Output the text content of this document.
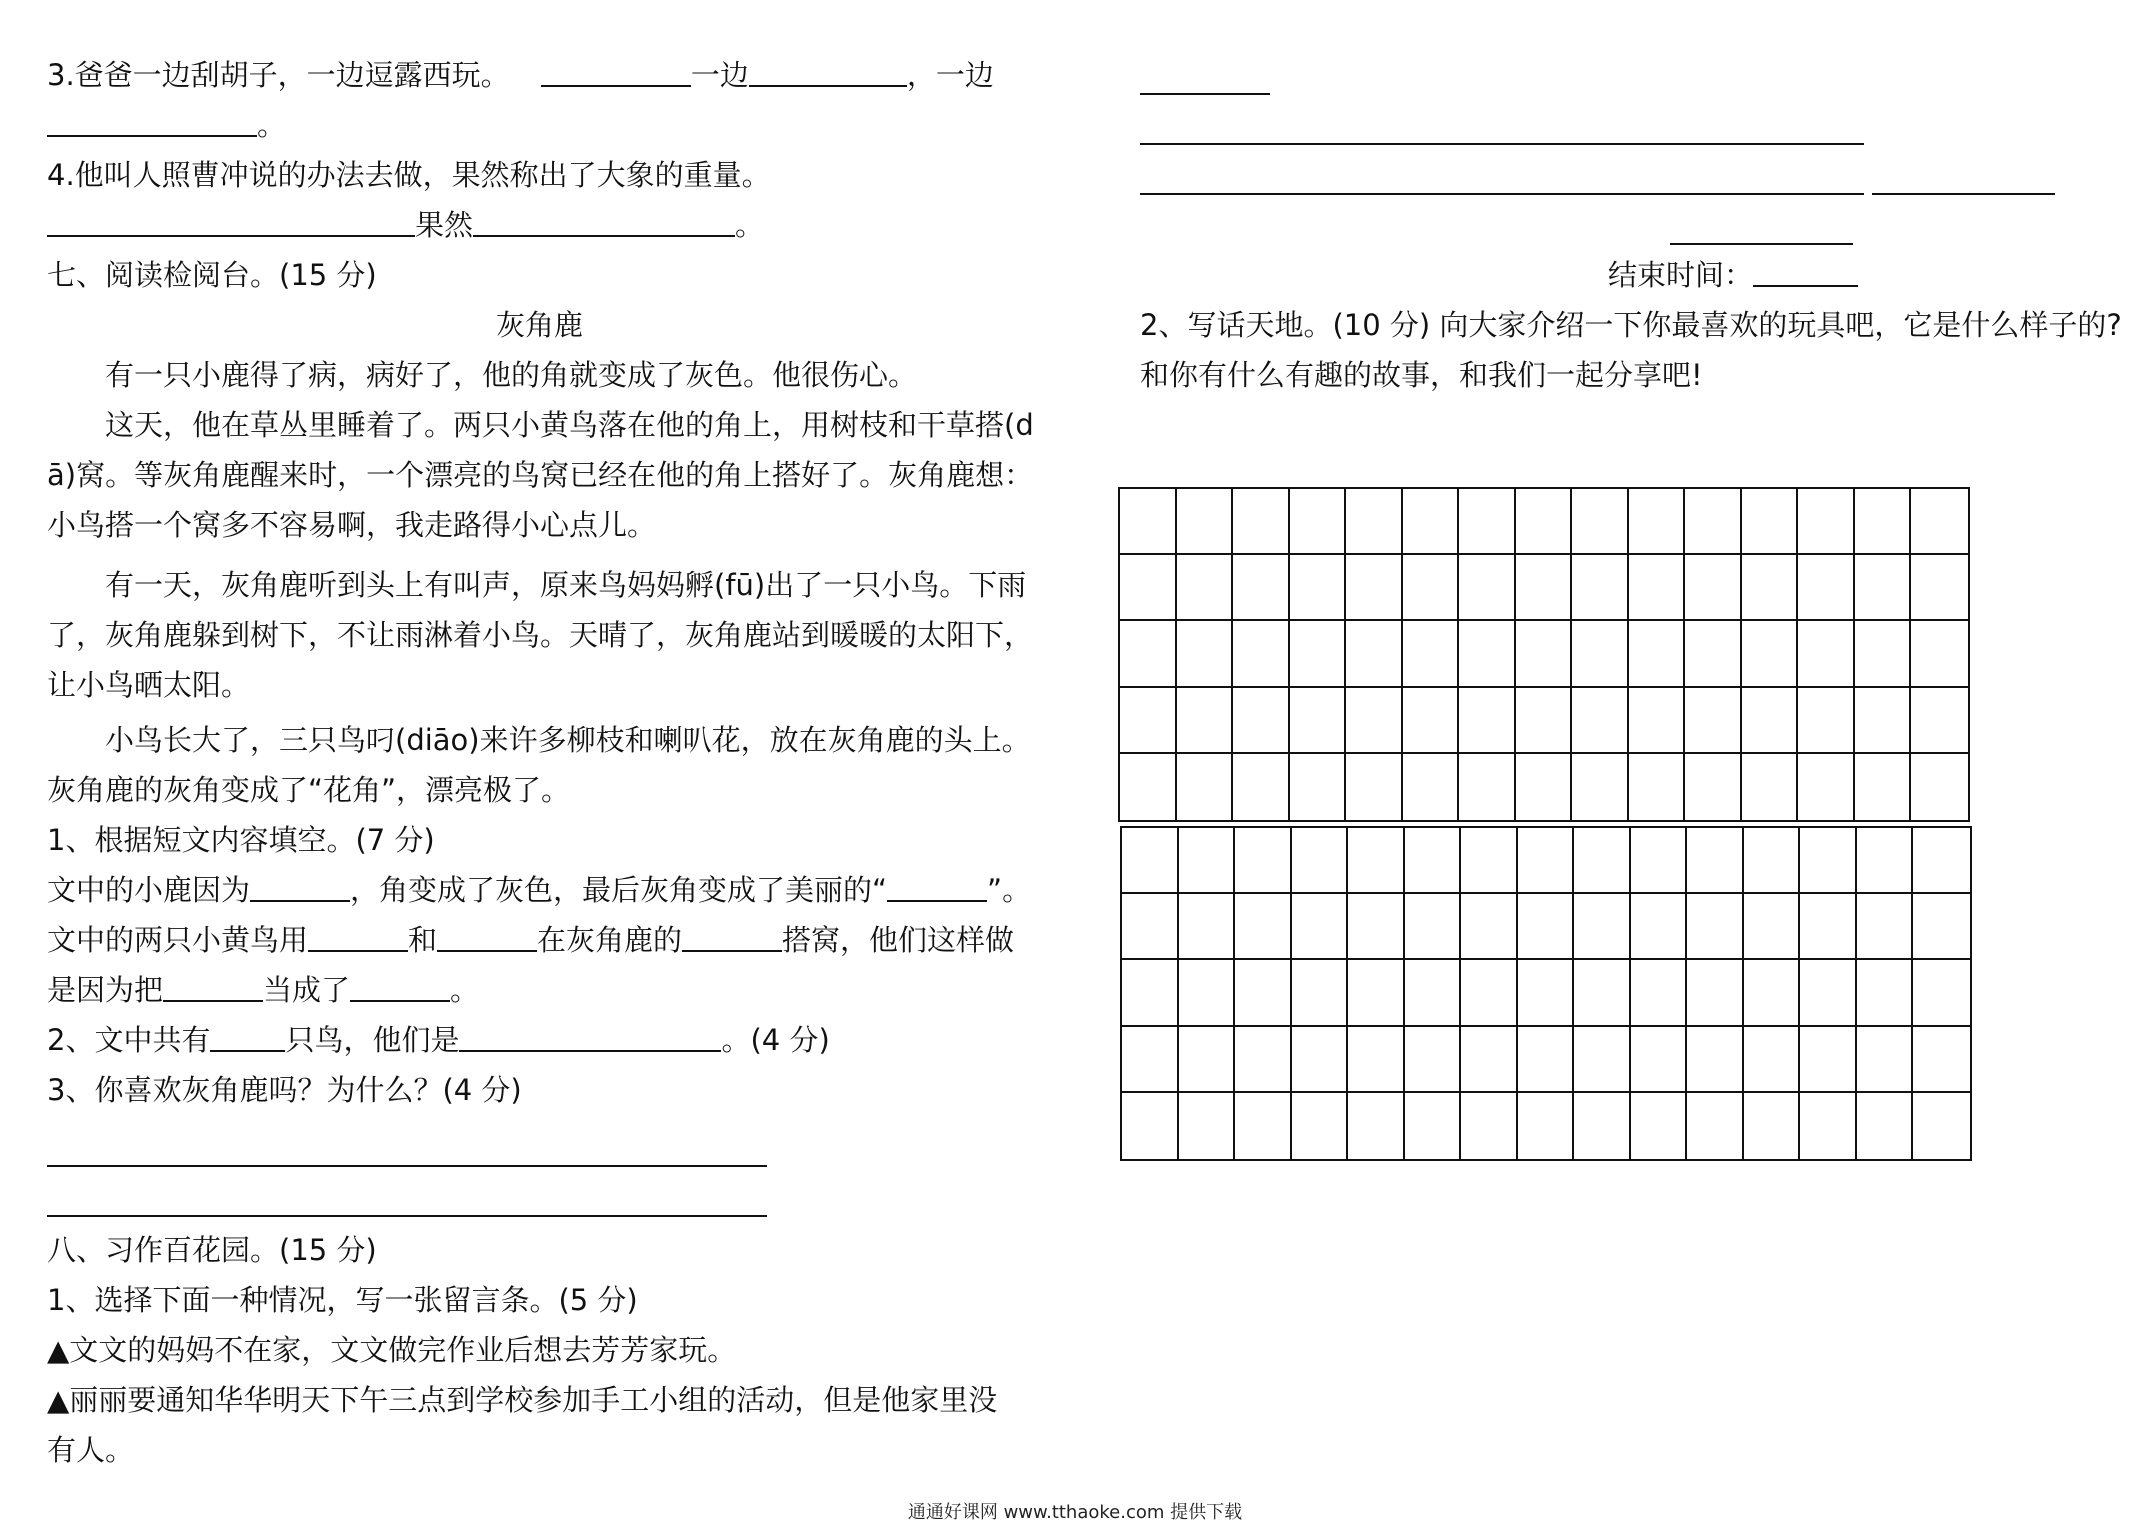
3.爸爸一边刮胡子，一边逗露西玩。	一边	，一边
。
4.他叫人照曹冲说的办法去做，果然称出了大象的重量。
果然	。
七、阅读检阅台。(15 分)
灰角鹿
有一只小鹿得了病，病好了，他的角就变成了灰色。他很伤心。
这天，他在草丛里睡着了。两只小黄鸟落在他的角上，用树枝和干草搭(d
ā)窝。等灰角鹿醒来时，一个漂亮的鸟窝已经在他的角上搭好了。灰角鹿想：
小鸟搭一个窝多不容易啊，我走路得小心点儿。
有一天，灰角鹿听到头上有叫声，原来鸟妈妈孵(fū)出了一只小鸟。下雨
了，灰角鹿躲到树下，不让雨淋着小鸟。天晴了，灰角鹿站到暖暖的太阳下，
让小鸟晒太阳。
小鸟长大了，三只鸟叼(diāo)来许多柳枝和喇叭花，放在灰角鹿的头上。
灰角鹿的灰角变成了“花角”，漂亮极了。
1、根据短文内容填空。(7 分)
文中的小鹿因为	，角变成了灰色，最后灰角变成了美丽的“	”。
文中的两只小黄鸟用	和	在灰角鹿的	搭窝，他们这样做
是因为把	当成了	。
2、文中共有	只鸟，他们是	。(4 分)
3、你喜欢灰角鹿吗？为什么？(4 分)
八、习作百花园。(15 分)
1、选择下面一种情况，写一张留言条。(5 分)
▲文文的妈妈不在家，文文做完作业后想去芳芳家玩。
▲丽丽要通知华华明天下午三点到学校参加手工小组的活动，但是他家里没
有人。
结束时间：
2、写话天地。(10 分) 向大家介绍一下你最喜欢的玩具吧，它是什么样子的?
和你有什么有趣的故事，和我们一起分享吧!
通通好课网 www.tthaoke.com 提供下载
